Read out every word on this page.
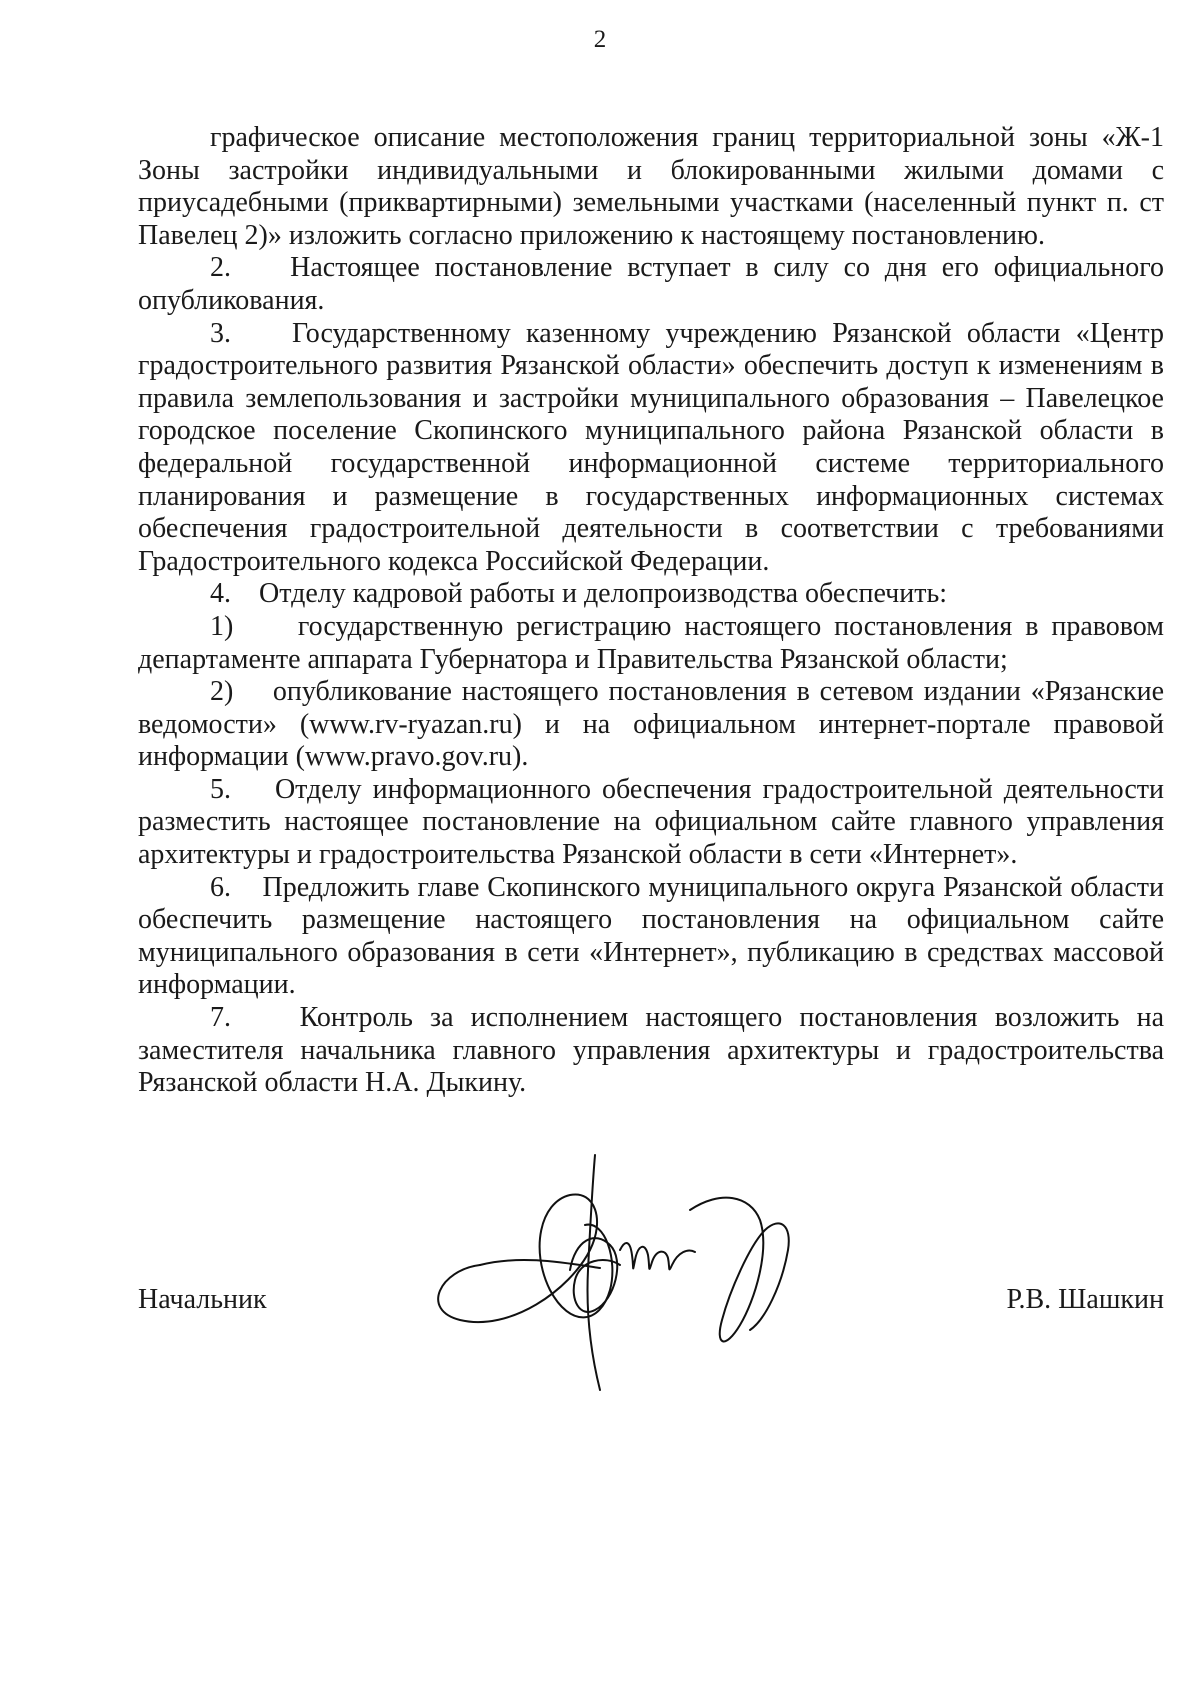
2

графическое описание местоположения границ территориальной зоны «Ж-1 Зоны застройки индивидуальными и блокированными жилыми домами с приусадебными (приквартирными) земельными участками (населенный пункт п. ст Павелец 2)» изложить согласно приложению к настоящему постановлению.

2.    Настоящее постановление вступает в силу со дня его официального опубликования.

3.    Государственному казенному учреждению Рязанской области «Центр градостроительного развития Рязанской области» обеспечить доступ к изменениям в правила землепользования и застройки муниципального образования – Павелецкое городское поселение Скопинского муниципального района Рязанской области в федеральной государственной информационной системе территориального планирования и размещение в государственных информационных системах обеспечения градостроительной деятельности в соответствии с требованиями Градостроительного кодекса Российской Федерации.

4.    Отделу кадровой работы и делопроизводства обеспечить:

1)     государственную регистрацию настоящего постановления в правовом департаменте аппарата Губернатора и Правительства Рязанской области;

2)    опубликование настоящего постановления в сетевом издании «Рязанские ведомости» (www.rv-ryazan.ru) и на официальном интернет-портале правовой информации (www.pravo.gov.ru).

5.    Отделу информационного обеспечения градостроительной деятельности разместить настоящее постановление на официальном сайте главного управления архитектуры и градостроительства Рязанской области в сети «Интернет».

6.    Предложить главе Скопинского муниципального округа Рязанской области обеспечить размещение настоящего постановления на официальном сайте муниципального образования в сети «Интернет», публикацию в средствах массовой информации.

7.    Контроль за исполнением настоящего постановления возложить на заместителя начальника главного управления архитектуры и градостроительства Рязанской области Н.А. Дыкину.

Начальник	Р.В. Шашкин
